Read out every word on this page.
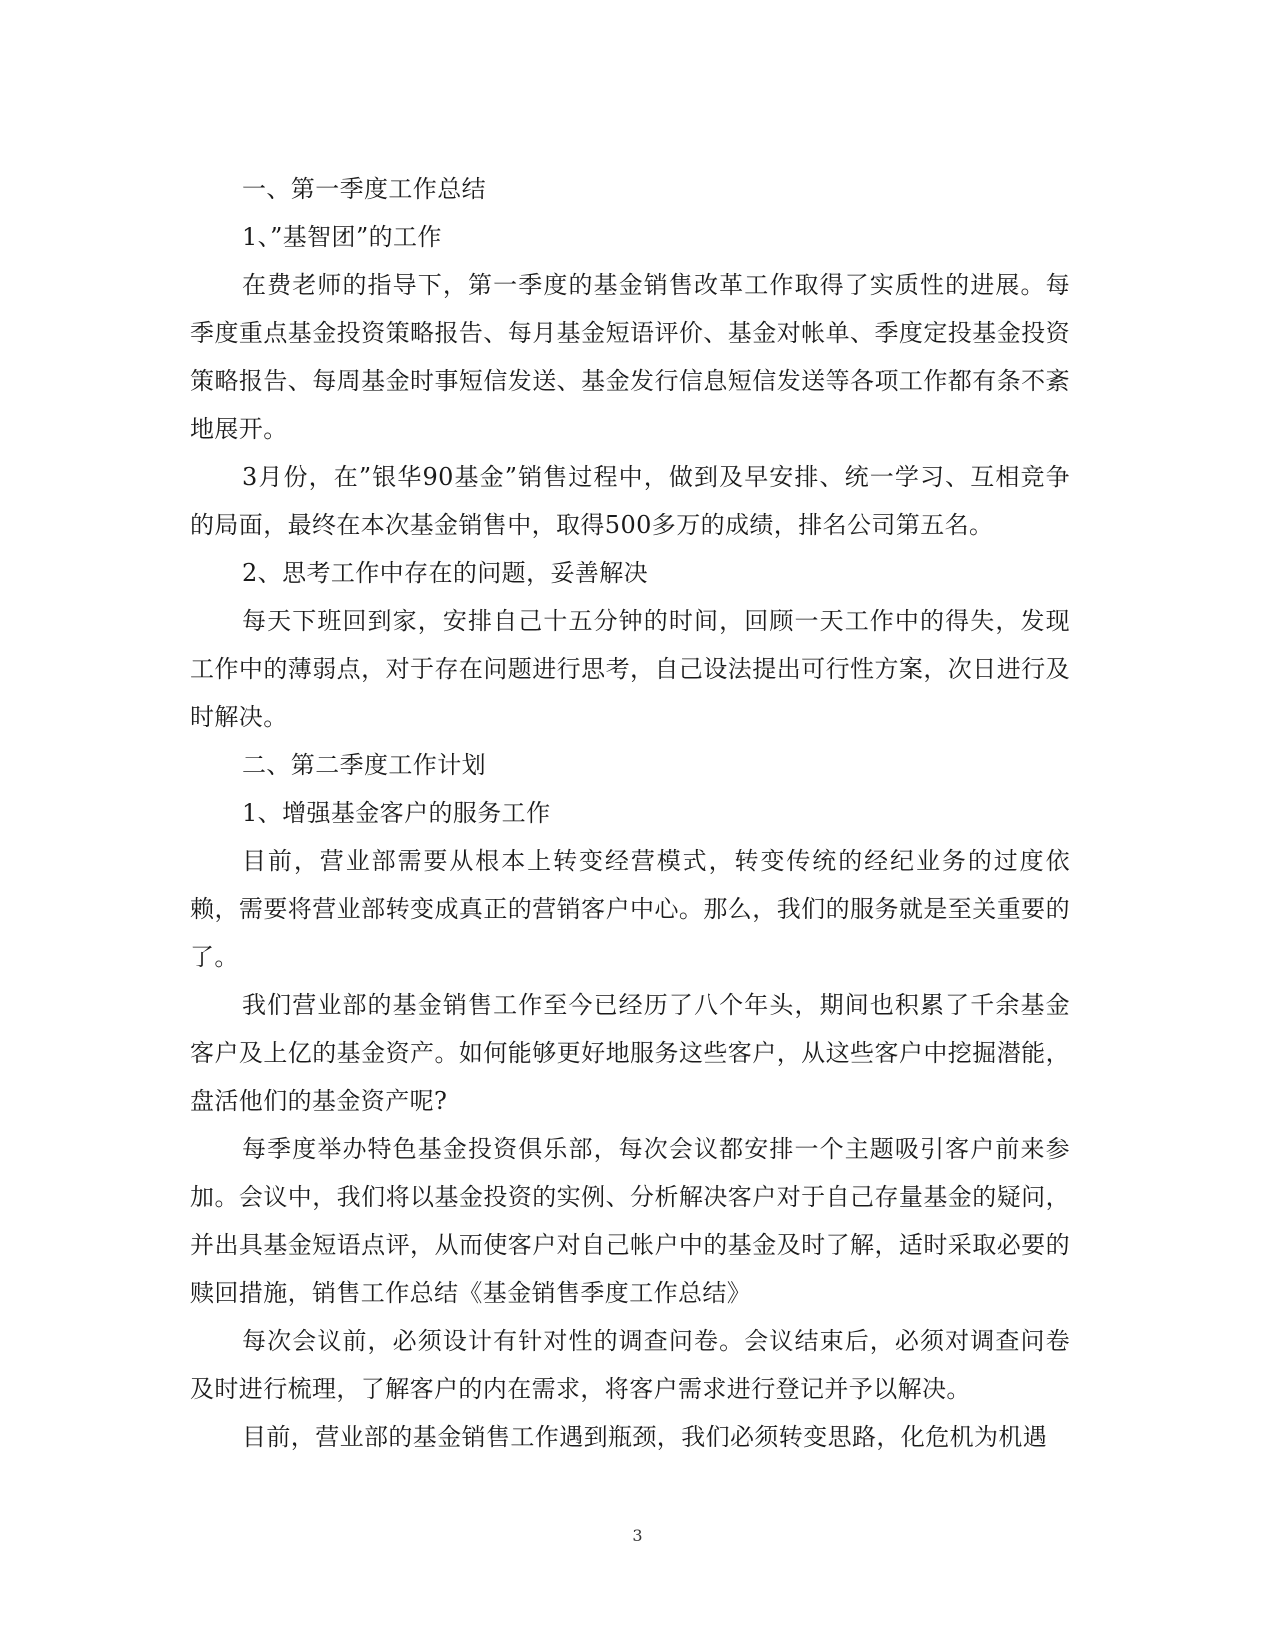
一、第一季度工作总结

1、”基智团”的工作

在费老师的指导下，第一季度的基金销售改革工作取得了实质性的进展。每季度重点基金投资策略报告、每月基金短语评价、基金对帐单、季度定投基金投资策略报告、每周基金时事短信发送、基金发行信息短信发送等各项工作都有条不紊地展开。

3月份，在”银华90基金”销售过程中，做到及早安排、统一学习、互相竞争的局面，最终在本次基金销售中，取得500多万的成绩，排名公司第五名。

2、思考工作中存在的问题，妥善解决

每天下班回到家，安排自己十五分钟的时间，回顾一天工作中的得失，发现工作中的薄弱点，对于存在问题进行思考，自己设法提出可行性方案，次日进行及时解决。

二、第二季度工作计划

1、增强基金客户的服务工作

目前，营业部需要从根本上转变经营模式，转变传统的经纪业务的过度依赖，需要将营业部转变成真正的营销客户中心。那么，我们的服务就是至关重要的了。

我们营业部的基金销售工作至今已经历了八个年头，期间也积累了千余基金客户及上亿的基金资产。如何能够更好地服务这些客户，从这些客户中挖掘潜能，盘活他们的基金资产呢?

每季度举办特色基金投资俱乐部，每次会议都安排一个主题吸引客户前来参加。会议中，我们将以基金投资的实例、分析解决客户对于自己存量基金的疑问，并出具基金短语点评，从而使客户对自己帐户中的基金及时了解，适时采取必要的赎回措施，销售工作总结《基金销售季度工作总结》

每次会议前，必须设计有针对性的调查问卷。会议结束后，必须对调查问卷及时进行梳理，了解客户的内在需求，将客户需求进行登记并予以解决。

目前，营业部的基金销售工作遇到瓶颈，我们必须转变思路，化危机为机遇

3
